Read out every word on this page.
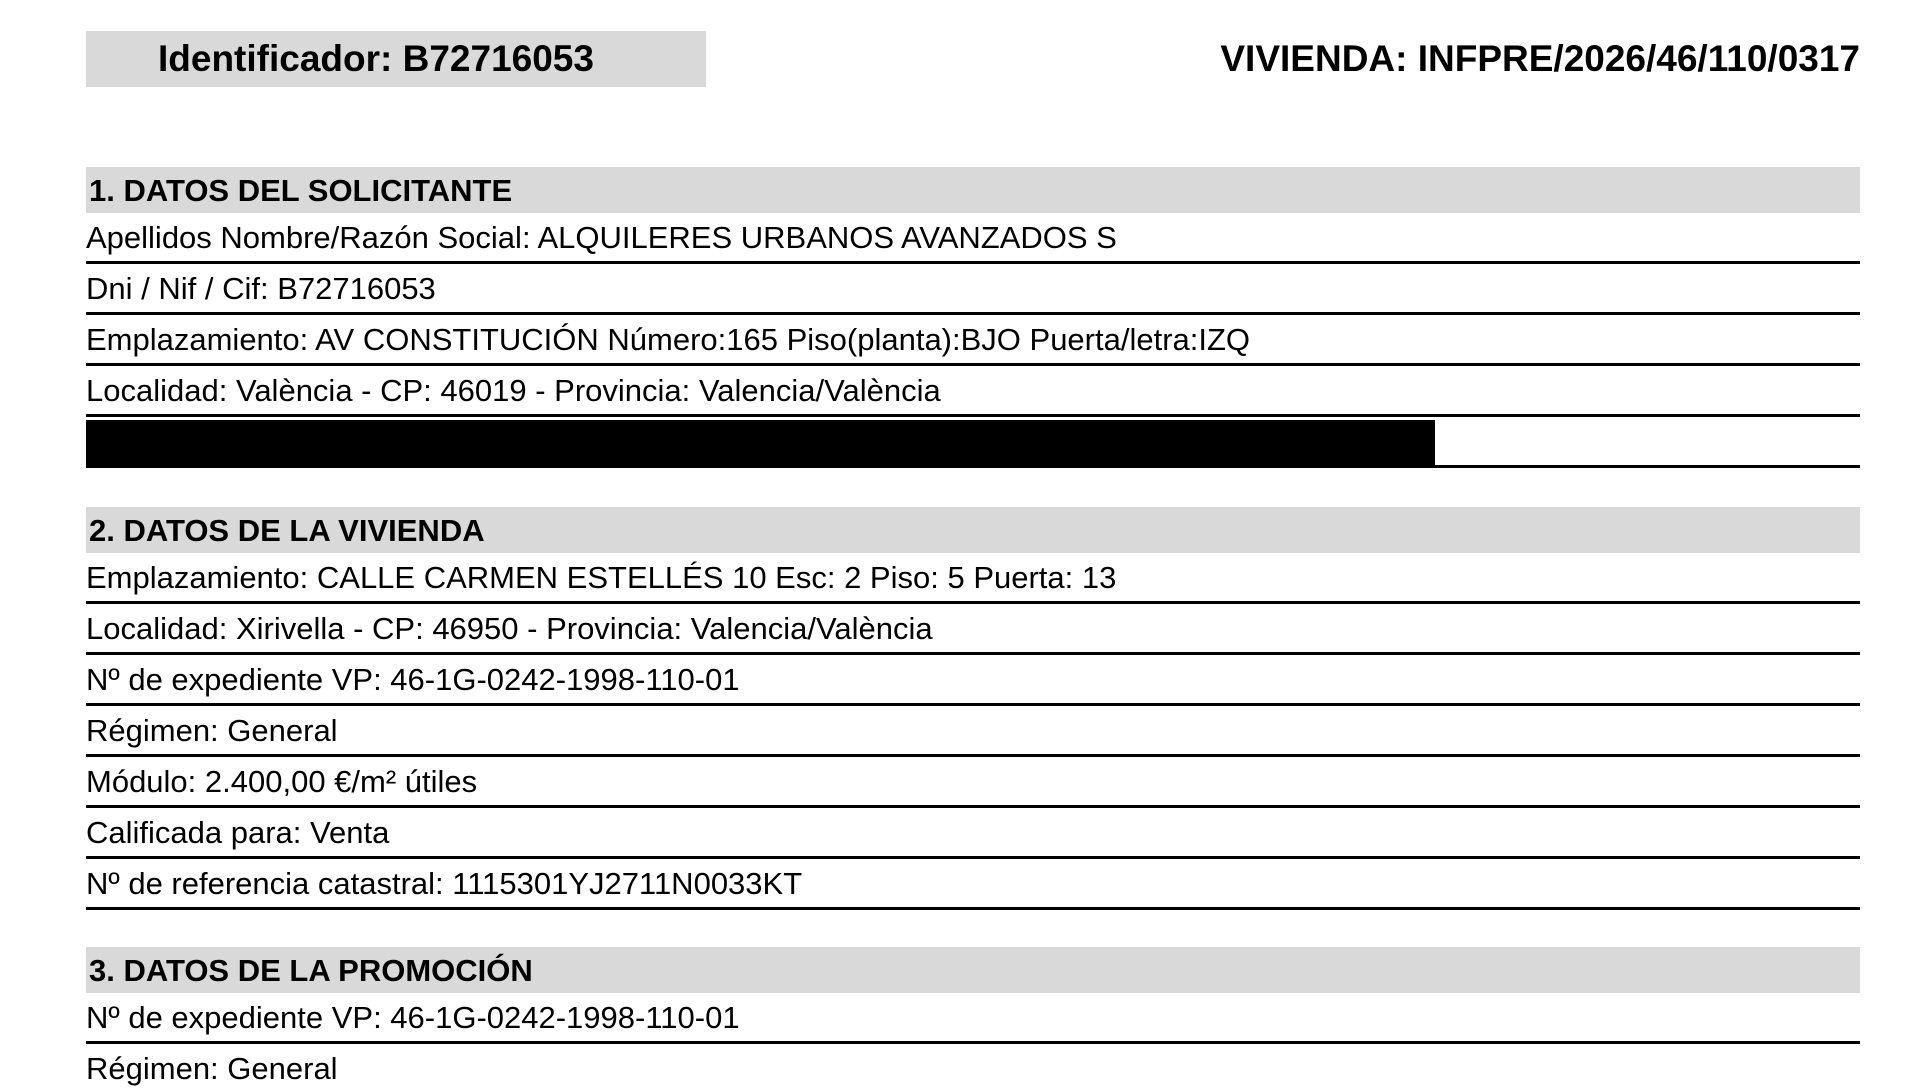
Identificador: B72716053	VIVIENDA: INFPRE/2026/46/110/0317
1. DATOS DEL SOLICITANTE
Apellidos Nombre/Razón Social: ALQUILERES URBANOS AVANZADOS S
Dni / Nif / Cif: B72716053
Emplazamiento: AV CONSTITUCIÓN Número:165 Piso(planta):BJO Puerta/letra:IZQ
Localidad: València - CP: 46019 - Provincia: Valencia/València
2. DATOS DE LA VIVIENDA
Emplazamiento: CALLE CARMEN ESTELLÉS 10 Esc: 2 Piso: 5 Puerta: 13
Localidad: Xirivella - CP: 46950 - Provincia: Valencia/València
Nº de expediente VP: 46-1G-0242-1998-110-01
Régimen: General
Módulo: 2.400,00 €/m² útiles
Calificada para: Venta
Nº de referencia catastral: 1115301YJ2711N0033KT
3. DATOS DE LA PROMOCIÓN
Nº de expediente VP: 46-1G-0242-1998-110-01
Régimen: General
